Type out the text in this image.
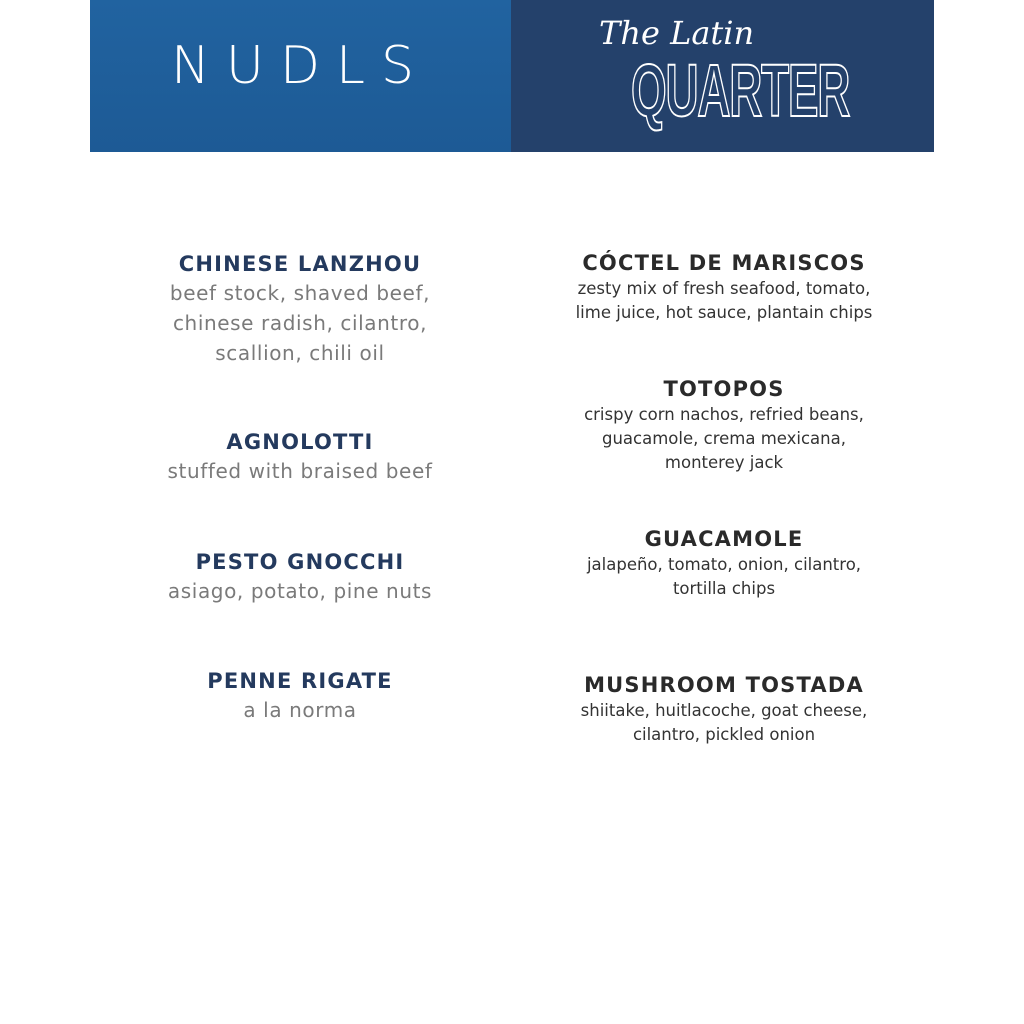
NUDLS
The Latin
QUARTER
CHINESE LANZHOU
beef stock, shaved beef,
chinese radish, cilantro,
scallion, chili oil
AGNOLOTTI
stuffed with braised beef
PESTO GNOCCHI
asiago, potato, pine nuts
PENNE RIGATE
a la norma
CÓCTEL DE MARISCOS
zesty mix of fresh seafood, tomato,
lime juice, hot sauce, plantain chips
TOTOPOS
crispy corn nachos, refried beans,
guacamole, crema mexicana,
monterey jack
GUACAMOLE
jalapeño, tomato, onion, cilantro,
tortilla chips
MUSHROOM TOSTADA
shiitake, huitlacoche, goat cheese,
cilantro, pickled onion
